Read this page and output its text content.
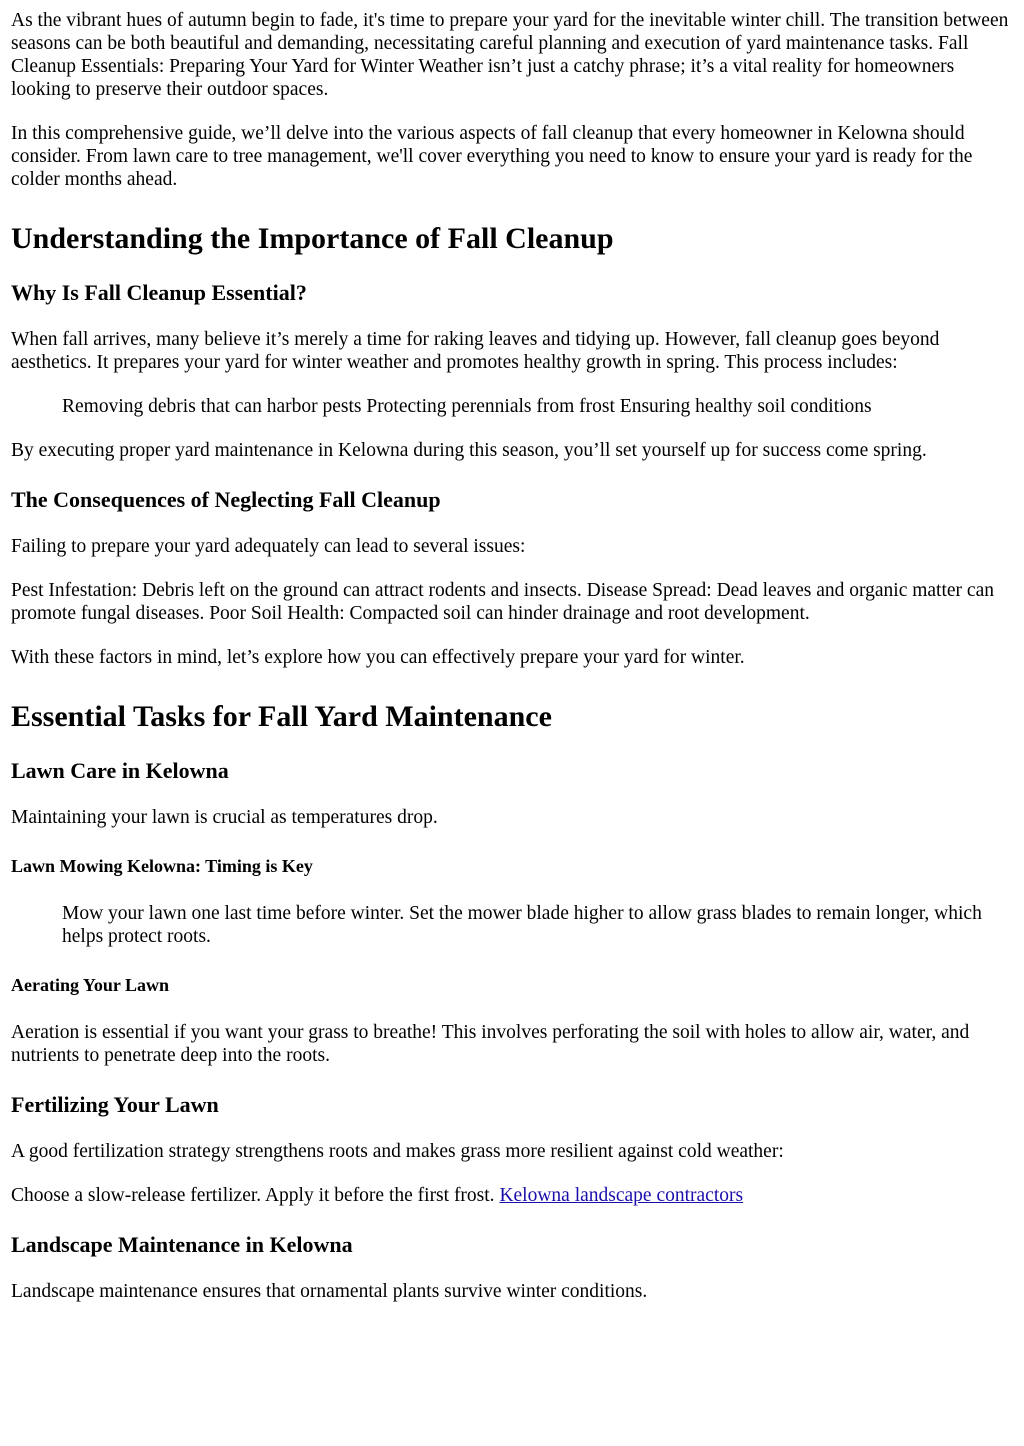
As the vibrant hues of autumn begin to fade, it's time to prepare your yard for the inevitable winter chill. The transition between seasons can be both beautiful and demanding, necessitating careful planning and execution of yard maintenance tasks. Fall Cleanup Essentials: Preparing Your Yard for Winter Weather isn’t just a catchy phrase; it’s a vital reality for homeowners looking to preserve their outdoor spaces.

In this comprehensive guide, we’ll delve into the various aspects of fall cleanup that every homeowner in Kelowna should consider. From lawn care to tree management, we'll cover everything you need to know to ensure your yard is ready for the colder months ahead.

Understanding the Importance of Fall Cleanup
Why Is Fall Cleanup Essential?

When fall arrives, many believe it’s merely a time for raking leaves and tidying up. However, fall cleanup goes beyond aesthetics. It prepares your yard for winter weather and promotes healthy growth in spring. This process includes:

Removing debris that can harbor pests Protecting perennials from frost Ensuring healthy soil conditions

By executing proper yard maintenance in Kelowna during this season, you’ll set yourself up for success come spring.

The Consequences of Neglecting Fall Cleanup

Failing to prepare your yard adequately can lead to several issues:

Pest Infestation: Debris left on the ground can attract rodents and insects. Disease Spread: Dead leaves and organic matter can promote fungal diseases. Poor Soil Health: Compacted soil can hinder drainage and root development.

With these factors in mind, let’s explore how you can effectively prepare your yard for winter.

Essential Tasks for Fall Yard Maintenance
Lawn Care in Kelowna

Maintaining your lawn is crucial as temperatures drop.

Lawn Mowing Kelowna: Timing is Key
Mow your lawn one last time before winter. Set the mower blade higher to allow grass blades to remain longer, which helps protect roots.
Aerating Your Lawn

Aeration is essential if you want your grass to breathe! This involves perforating the soil with holes to allow air, water, and nutrients to penetrate deep into the roots.

Fertilizing Your Lawn

A good fertilization strategy strengthens roots and makes grass more resilient against cold weather:

Choose a slow-release fertilizer. Apply it before the first frost. Kelowna landscape contractors

Landscape Maintenance in Kelowna

Landscape maintenance ensures that ornamental plants survive winter conditions.
